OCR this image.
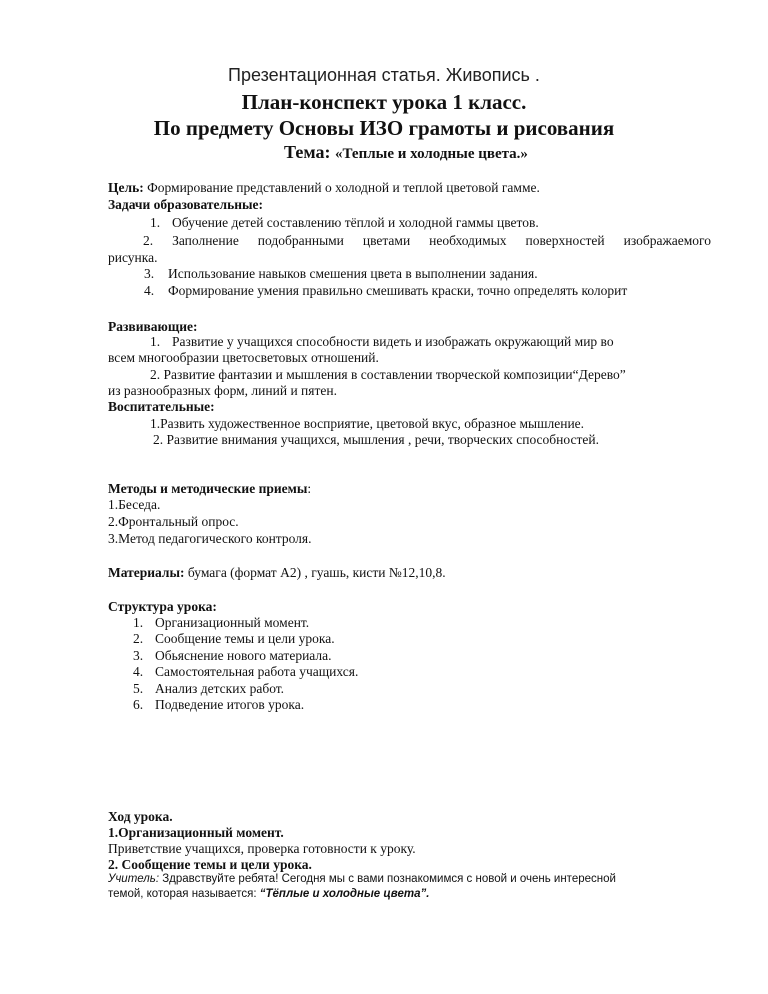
Презентационная статья. Живопись .
План-конспект урока 1 класс.
По предмету Основы ИЗО грамоты и рисования
Тема: «Теплые и холодные цвета.»
Цель: Формирование представлений о холодной и теплой цветовой гамме.
Задачи образовательные:
1. Обучение детей составлению тёплой и холодной гаммы цветов.
2. Заполнение подобранными цветами необходимых поверхностей изображаемого
рисунка.
3. Использование навыков смешения цвета в выполнении задания.
4. Формирование умения правильно смешивать краски, точно определять колорит
Развивающие:
1. Развитие у учащихся способности видеть и изображать окружающий мир во
всем многообразии цветосветовых отношений.
2. Развитие фантазии и мышления в составлении творческой композиции“Дерево”
из разнообразных форм, линий и пятен.
Воспитательные:
1.Развить художественное восприятие, цветовой вкус, образное мышление.
2. Развитие внимания учащихся, мышления , речи, творческих способностей.
Методы и методические приемы:
1.Беседа.
2.Фронтальный опрос.
3.Метод педагогического контроля.
Материалы: бумага (формат А2) , гуашь, кисти №12,10,8.
Структура урока:
1. Организационный момент.
2. Сообщение темы и цели урока.
3. Обьяснение нового материала.
4. Самостоятельная работа учащихся.
5. Анализ детских работ.
6. Подведение итогов урока.
Ход урока.
1.Организационный момент.
Приветствие учащихся, проверка готовности к уроку.
2. Сообщение темы и цели урока.
Учитель: Здравствуйте ребята! Сегодня мы с вами познакомимся с новой и очень интересной
темой, которая называется: “Тёплые и холодные цвета”.
